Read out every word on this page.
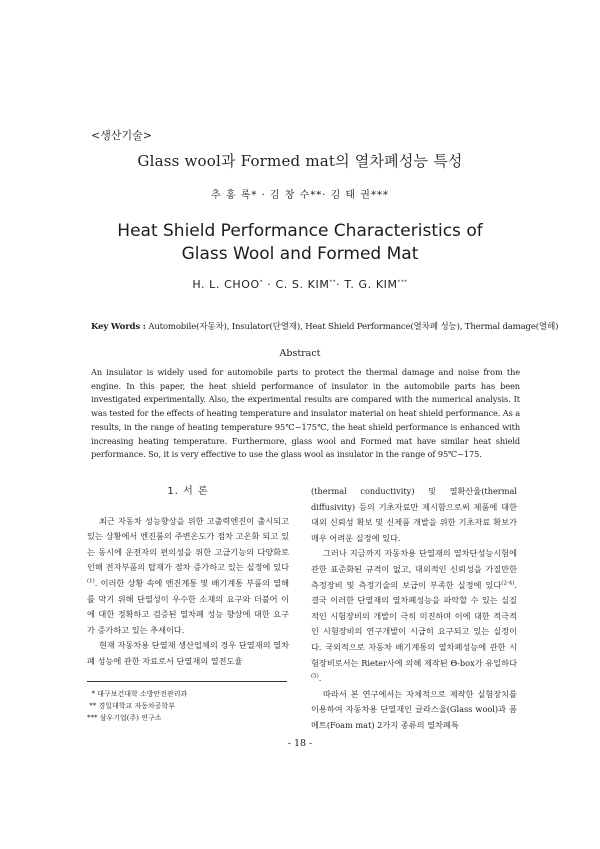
<생산기술>
Glass wool과 Formed mat의 열차폐성능 특성
추 홍 록* · 김 창 수**· 김 태 권***
Heat Shield Performance Characteristics of
Glass Wool and Formed Mat
H. L. CHOO* · C. S. KIM**· T. G. KIM***
Key Words : Automobile(자동차), Insulator(단열재), Heat Shield Performance(열차폐 성능), Thermal damage(열해)
Abstract
An insulator is widely used for automobile parts to protect the thermal damage and noise from the engine. In this paper, the heat shield performance of insulator in the automobile parts has been investigated experimentally. Also, the experimental results are compared with the numerical analysis. It was tested for the effects of heating temperature and insulator material on heat shield performance. As a results, in the range of heating temperature 95℃~175℃, the heat shield performance is enhanced with increasing heating temperature. Furthermore, glass wool and Formed mat have similar heat shield performance. So, it is very effective to use the glass wool as insulator in the range of 95℃~175.
1. 서 론

최근 자동차 성능향상을 위한 고출력엔진이 출시되고 있는 상황에서 엔진룸의 주변온도가 점차 고온화 되고 있는 동시에 운전자의 편의성을 위한 고급기능의 다양화로 인해 전자부품의 탑재가 점차 증가하고 있는 실정에 있다$^{(1)}$. 이러한 상황 속에 엔진계통 및 배기계통 부품의 열해를 막기 위해 단열성이 우수한 소재의 요구와 더불어 이에 대한 정확하고 검증된 열차폐 성능 향상에 대한 요구가 증가하고 있는 추세이다.

현재 자동차용 단열재 생산업체의 경우 단열재의 열차폐 성능에 관한 자료로서 단열재의 열전도율

(thermal conductivity) 및 열확산율(thermal diffusivity) 등의 기초자료만 제시함으로써 제품에 대한 대외 신뢰성 확보 및 신제품 개발을 위한 기초자료 확보가 매우 어려운 실정에 있다.

그러나 지금까지 자동차용 단열재의 열차단성능시험에 관한 표준화된 규격이 없고, 대외적인 신뢰성을 가질만한 측정장비 및 측정기술의 보급이 부족한 실정에 있다$^{(2-4)}$. 결국 이러한 단열재의 열차폐성능을 파악할 수 있는 실질적인 시험장비의 개발이 극히 미진하며 이에 대한 적극적인 시험장비의 연구개발이 시급히 요구되고 있는 실정이다. 국외적으로 자동차 배기계통의 열차폐성능에 관한 시험장비로서는 Rieter사에 의해 제작된 Θ-box가 유일하다$^{(5)}$.

따라서 본 연구에서는 자체적으로 제작한 실험장치를 이용하여 자동차용 단열재인 글라스울(Glass wool)과 폼메트(Foam mat) 2가지 종류의 열차폐특

* 대구보건대학 소방안전관리과
** 경일대학교 자동차공학부
*** 삼우기업(주) 연구소
- 18 -
